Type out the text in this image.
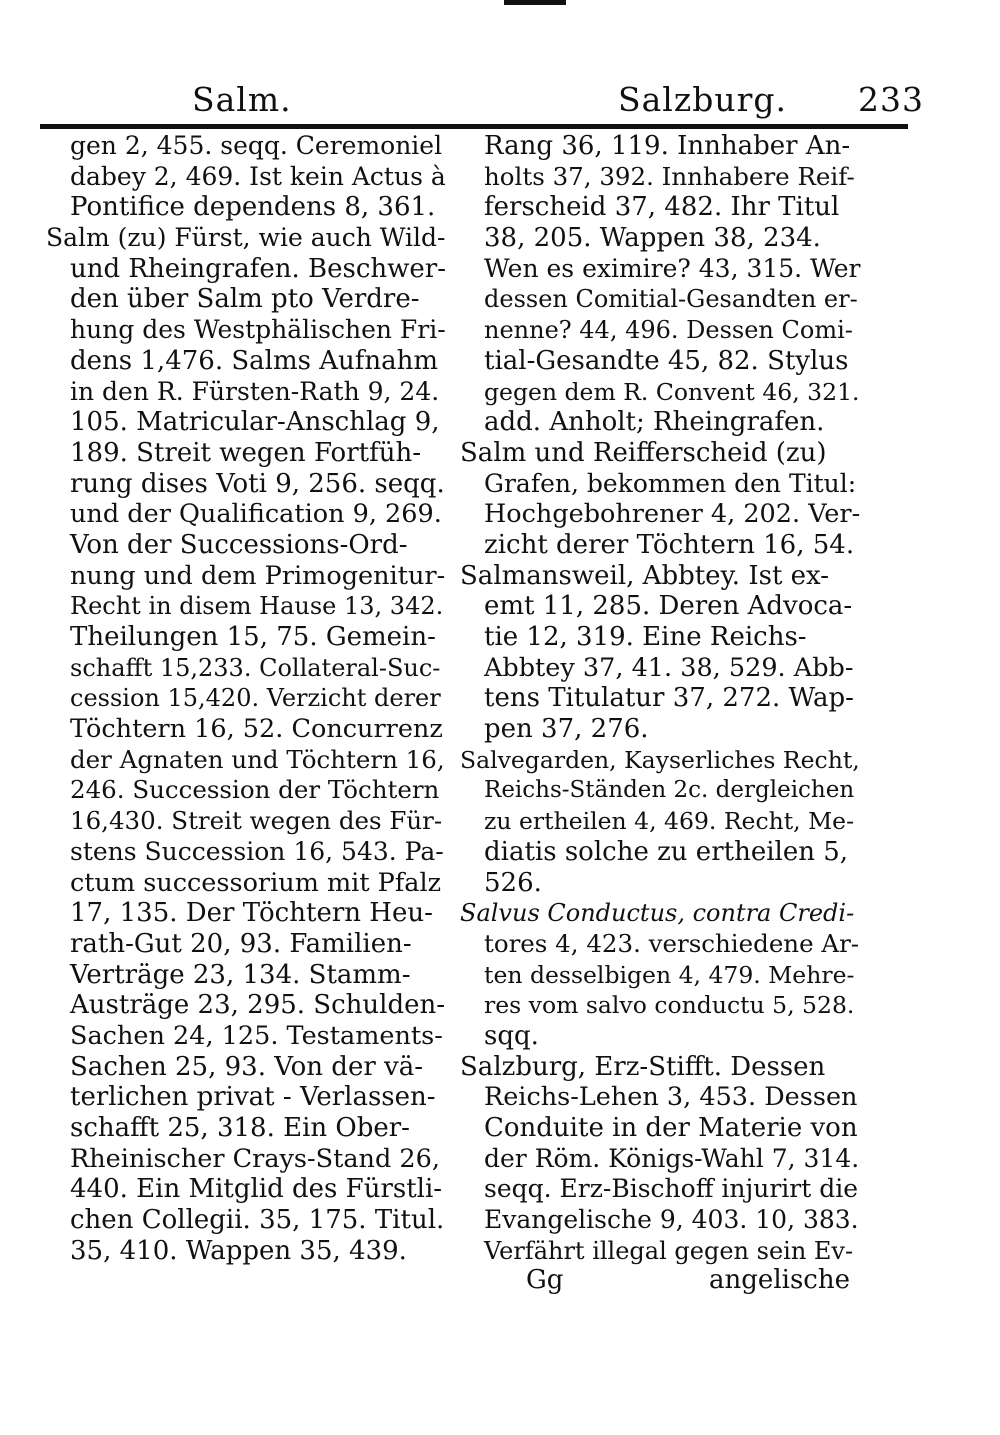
Salm.	Salzburg. 233
gen 2, 455. seqq. Ceremoniel
dabey 2, 469. Ist kein Actus à
Pontifice dependens 8, 361.
Salm (zu) Fürst, wie auch Wild-
und Rheingrafen. Beschwer-
den über Salm pto Verdre-
hung des Westphälischen Fri-
dens 1,476. Salms Aufnahm
in den R. Fürsten-Rath 9, 24.
105. Matricular-Anschlag 9,
189. Streit wegen Fortfüh-
rung dises Voti 9, 256. seqq.
und der Qualification 9, 269.
Von der Successions-Ord-
nung und dem Primogenitur-
Recht in disem Hause 13, 342.
Theilungen 15, 75. Gemein-
schafft 15,233. Collateral-Suc-
cession 15,420. Verzicht derer
Töchtern 16, 52. Concurrenz
der Agnaten und Töchtern 16,
246. Succession der Töchtern
16,430. Streit wegen des Für-
stens Succession 16, 543. Pa-
ctum successorium mit Pfalz
17, 135. Der Töchtern Heu-
rath-Gut 20, 93. Familien-
Verträge 23, 134. Stamm-
Austräge 23, 295. Schulden-
Sachen 24, 125. Testaments-
Sachen 25, 93. Von der vä-
terlichen privat - Verlassen-
schafft 25, 318. Ein Ober-
Rheinischer Crays-Stand 26,
440. Ein Mitglid des Fürstli-
chen Collegii. 35, 175. Titul.
35, 410. Wappen 35, 439.
Rang 36, 119. Innhaber An-
holts 37, 392. Innhabere Reif-
ferscheid 37, 482. Ihr Titul
38, 205. Wappen 38, 234.
Wen es eximire? 43, 315. Wer
dessen Comitial-Gesandten er-
nenne? 44, 496. Dessen Comi-
tial-Gesandte 45, 82. Stylus
gegen dem R. Convent 46, 321.
add. Anholt; Rheingrafen.
Salm und Reifferscheid (zu)
Grafen, bekommen den Titul:
Hochgebohrener 4, 202. Ver-
zicht derer Töchtern 16, 54.
Salmansweil, Abbtey. Ist ex-
emt 11, 285. Deren Advoca-
tie 12, 319. Eine Reichs-
Abbtey 37, 41. 38, 529. Abb-
tens Titulatur 37, 272. Wap-
pen 37, 276.
Salvegarden, Kayserliches Recht,
Reichs-Ständen 2c. dergleichen
zu ertheilen 4, 469. Recht, Me-
diatis solche zu ertheilen 5,
526.
Salvus Conductus, contra Credi-
tores 4, 423. verschiedene Ar-
ten desselbigen 4, 479. Mehre-
res vom salvo conductu 5, 528.
sqq.
Salzburg, Erz-Stifft. Dessen
Reichs-Lehen 3, 453. Dessen
Conduite in der Materie von
der Röm. Königs-Wahl 7, 314.
seqq. Erz-Bischoff injurirt die
Evangelische 9, 403. 10, 383.
Verfährt illegal gegen sein Ev-
Gg	angelische
